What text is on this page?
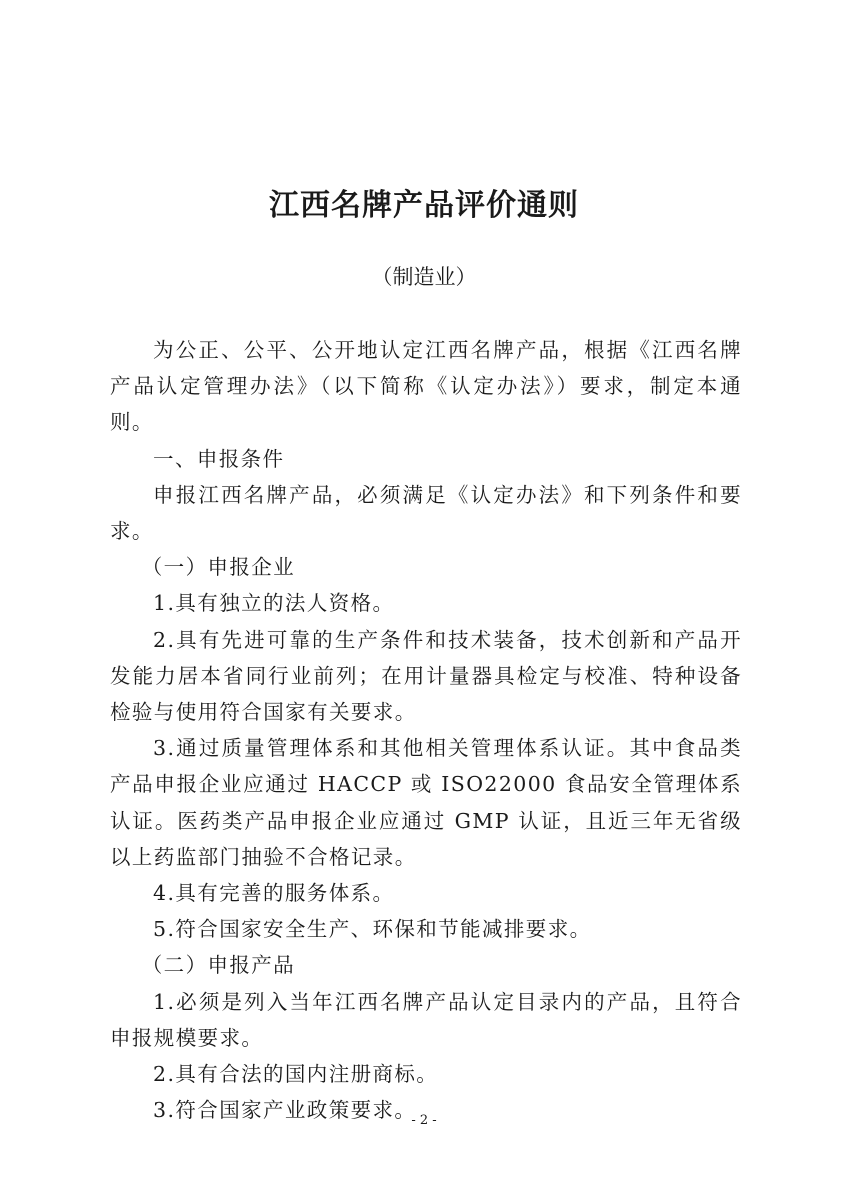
江西名牌产品评价通则
（制造业）

为公正、公平、公开地认定江西名牌产品，根据《江西名牌产品认定管理办法》（以下简称《认定办法》）要求，制定本通则。

一、申报条件

申报江西名牌产品，必须满足《认定办法》和下列条件和要求。

（一）申报企业

1.具有独立的法人资格。

2.具有先进可靠的生产条件和技术装备，技术创新和产品开发能力居本省同行业前列；在用计量器具检定与校准、特种设备检验与使用符合国家有关要求。

3.通过质量管理体系和其他相关管理体系认证。其中食品类产品申报企业应通过 HACCP 或 ISO22000 食品安全管理体系认证。医药类产品申报企业应通过 GMP 认证，且近三年无省级以上药监部门抽验不合格记录。

4.具有完善的服务体系。

5.符合国家安全生产、环保和节能减排要求。

（二）申报产品

1.必须是列入当年江西名牌产品认定目录内的产品，且符合申报规模要求。

2.具有合法的国内注册商标。

3.符合国家产业政策要求。

- 2 -
